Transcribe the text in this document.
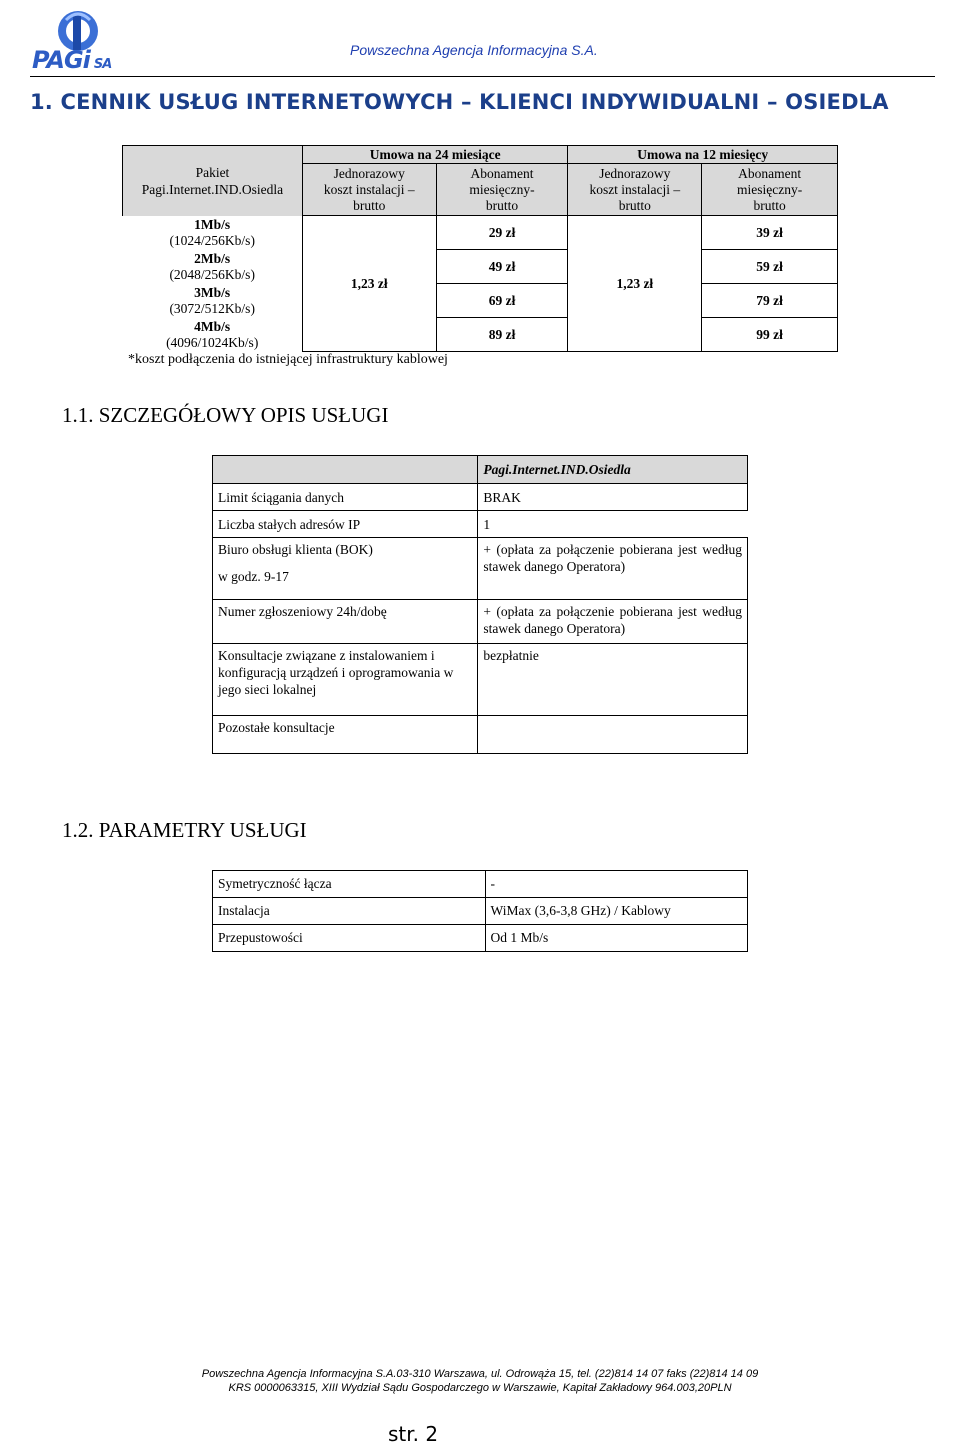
PAGi SA
Powszechna Agencja Informacyjna S.A.
1. CENNIK USŁUG INTERNETOWYCH – KLIENCI INDYWIDUALNI – OSIEDLA
Pakiet
Pagi.Internet.IND.Osiedla	Umowa na 24 miesiące		Umowa na 12 miesięcy	
	Jednorazowy
koszt instalacji –
brutto	Abonament
miesięczny-
brutto	Jednorazowy
koszt instalacji –
brutto	Abonament
miesięczny-
brutto
1Mb/s
(1024/256Kb/s)	1,23 zł	29 zł	1,23 zł	39 zł
2Mb/s
(2048/256Kb/s)		49 zł		59 zł
3Mb/s
(3072/512Kb/s)		69 zł		79 zł
4Mb/s
(4096/1024Kb/s)		89 zł		99 zł
*koszt podłączenia do istniejącej infrastruktury kablowej
1.1. SZCZEGÓŁOWY OPIS USŁUGI
	Pagi.Internet.IND.Osiedla
Limit ściągania danych	BRAK
Liczba stałych adresów IP	1

Biuro obsługi klienta (BOK)
w godz. 9-17	+ (opłata za połączenie pobierana jest według stawek danego Operatora)
Numer zgłoszeniowy 24h/dobę	+ (opłata za połączenie pobierana jest według stawek danego Operatora)
Konsultacje związane z instalowaniem i konfiguracją urządzeń i oprogramowania w jego sieci lokalnej	bezpłatnie
Pozostałe konsultacje	
1.2. PARAMETRY USŁUGI
Symetryczność łącza	-
Instalacja	WiMax (3,6-3,8 GHz) / Kablowy
Przepustowości	Od 1 Mb/s
Powszechna Agencja Informacyjna S.A.03-310 Warszawa, ul. Odrowąża 15, tel. (22)814 14 07 faks (22)814 14 09
KRS 0000063315, XIII Wydział Sądu Gospodarczego w Warszawie, Kapitał Zakładowy 964.003,20PLN
str. 2
